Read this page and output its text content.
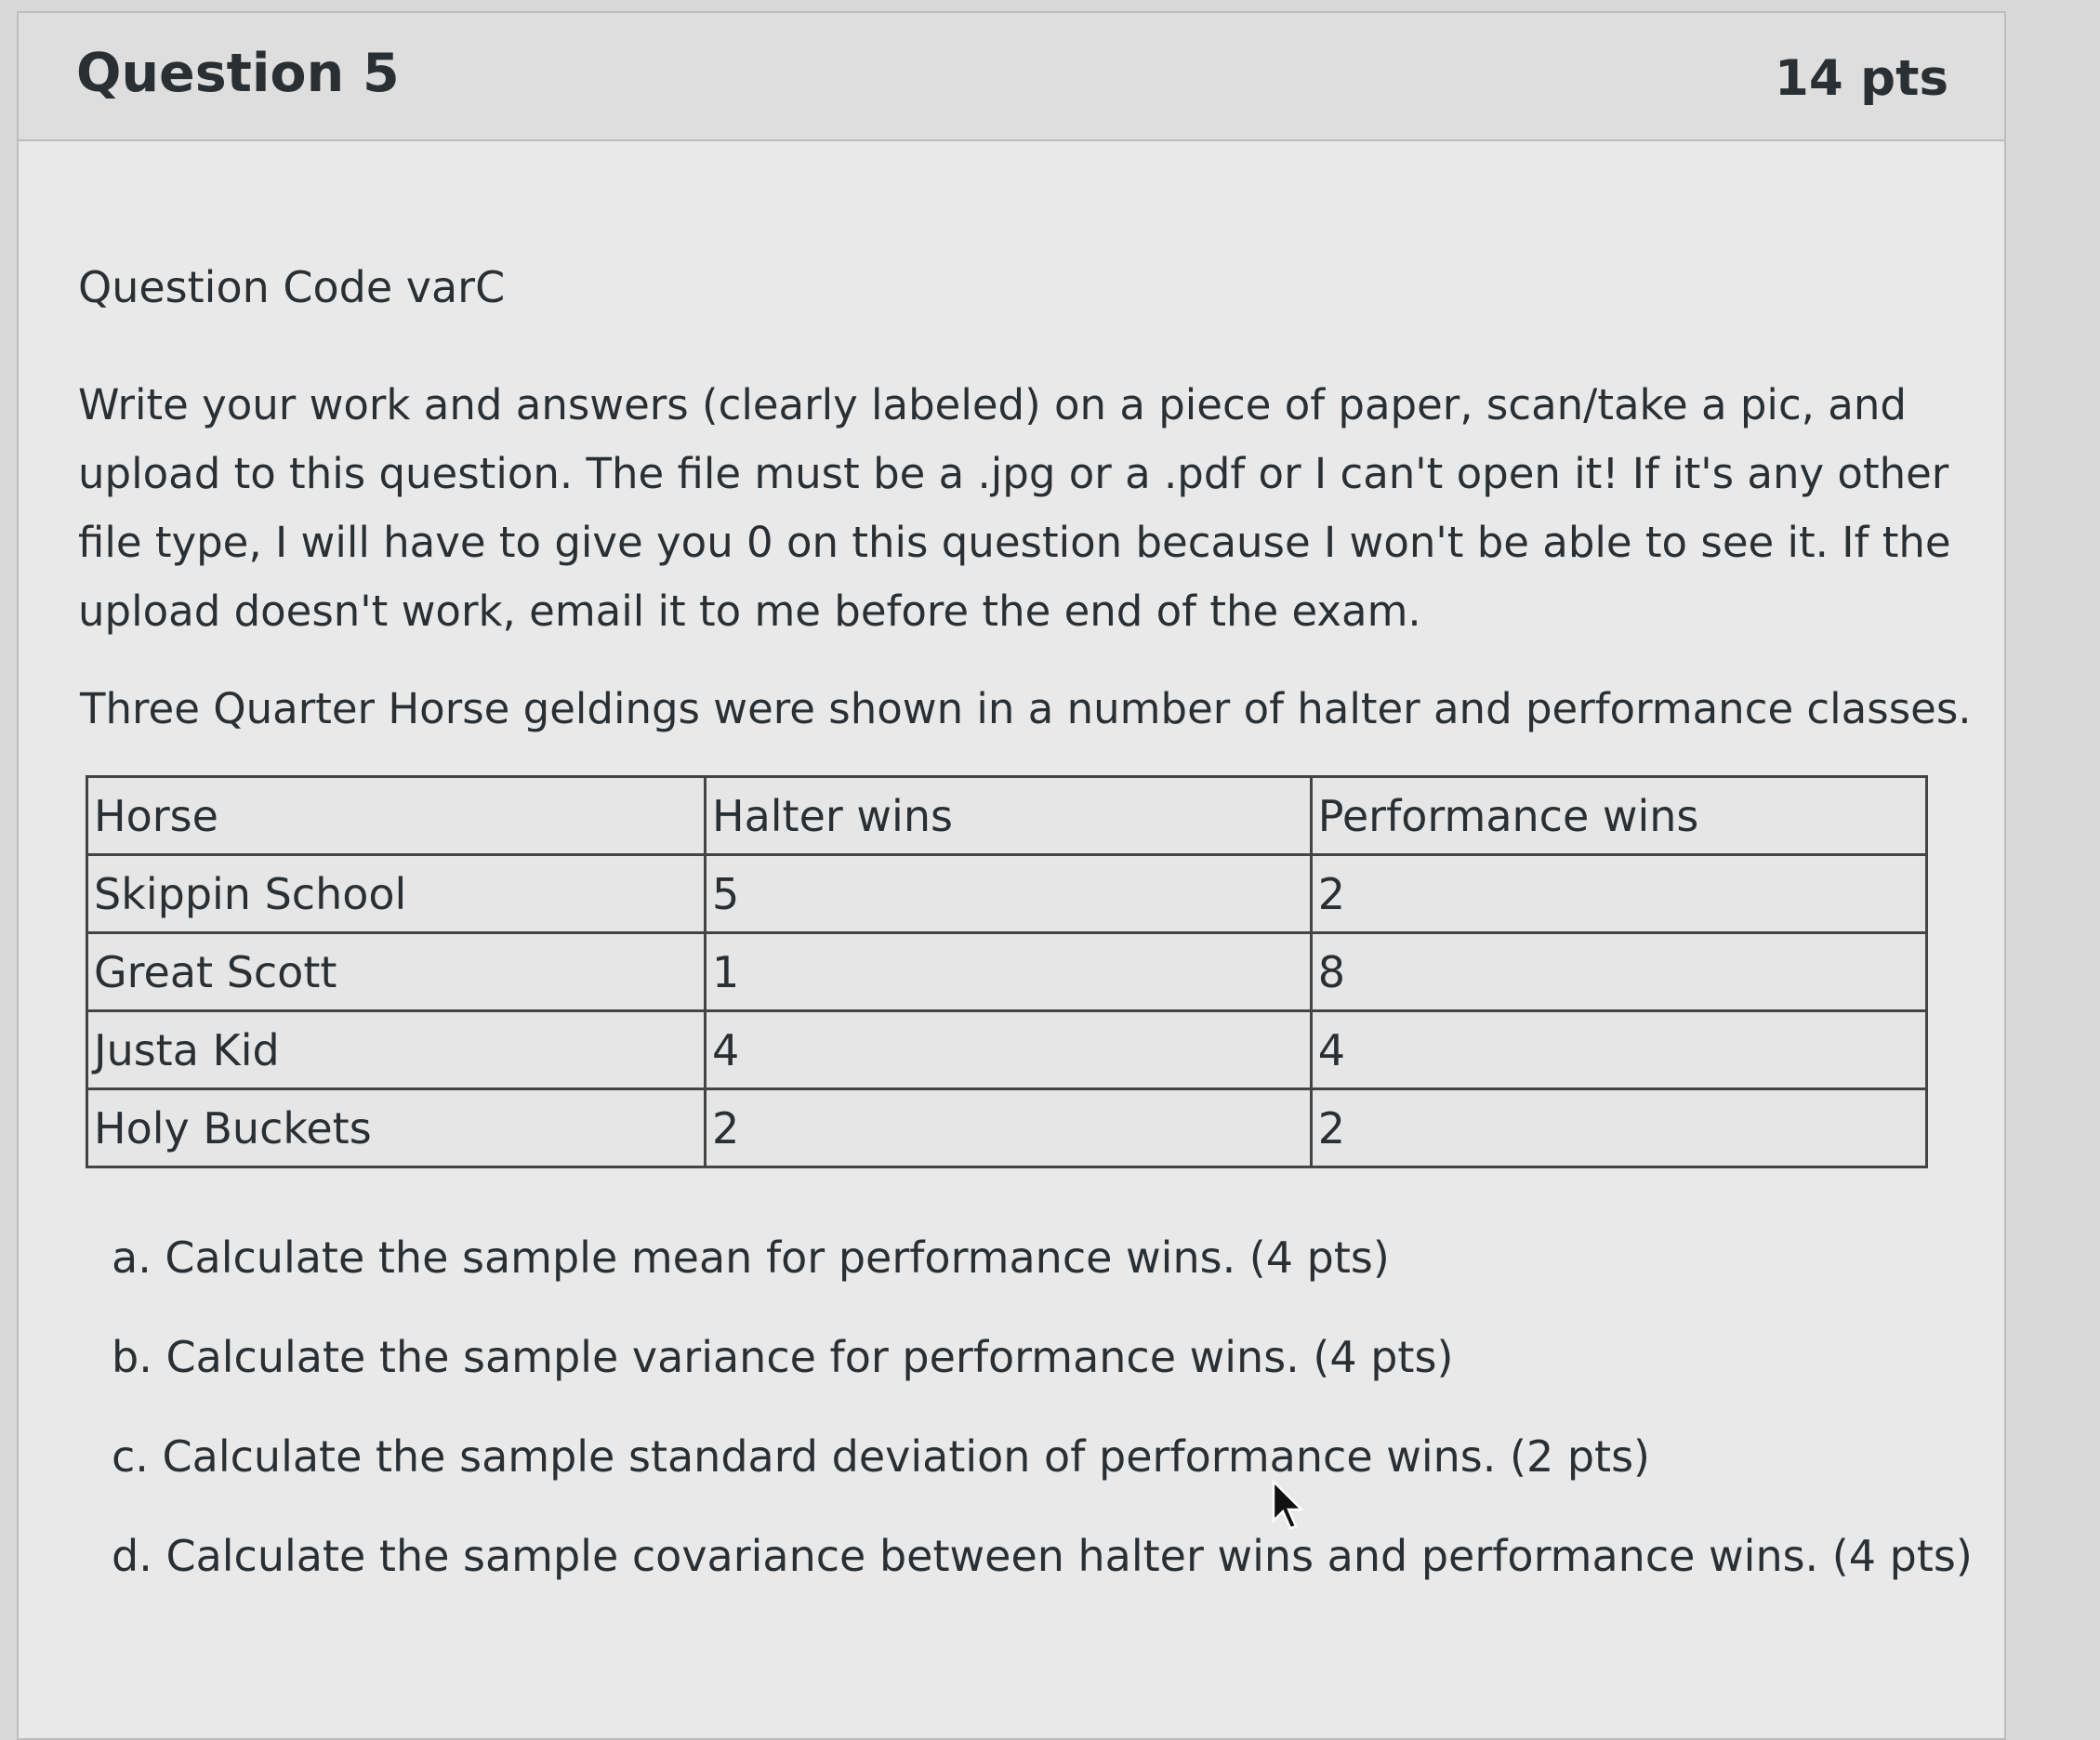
Question 5	14 pts
Question Code varC
Write your work and answers (clearly labeled) on a piece of paper, scan/take a pic, and upload to this question. The file must be a .jpg or a .pdf or I can't open it! If it's any other file type, I will have to give you 0 on this question because I won't be able to see it. If the upload doesn't work, email it to me before the end of the exam.
Three Quarter Horse geldings were shown in a number of halter and performance classes.
Horse	Halter wins	Performance wins
Skippin School	5	2
Great Scott	1	8
Justa Kid	4	4
Holy Buckets	2	2
a. Calculate the sample mean for performance wins. (4 pts)
b. Calculate the sample variance for performance wins. (4 pts)
c. Calculate the sample standard deviation of performance wins. (2 pts)
d. Calculate the sample covariance between halter wins and performance wins. (4 pts)
